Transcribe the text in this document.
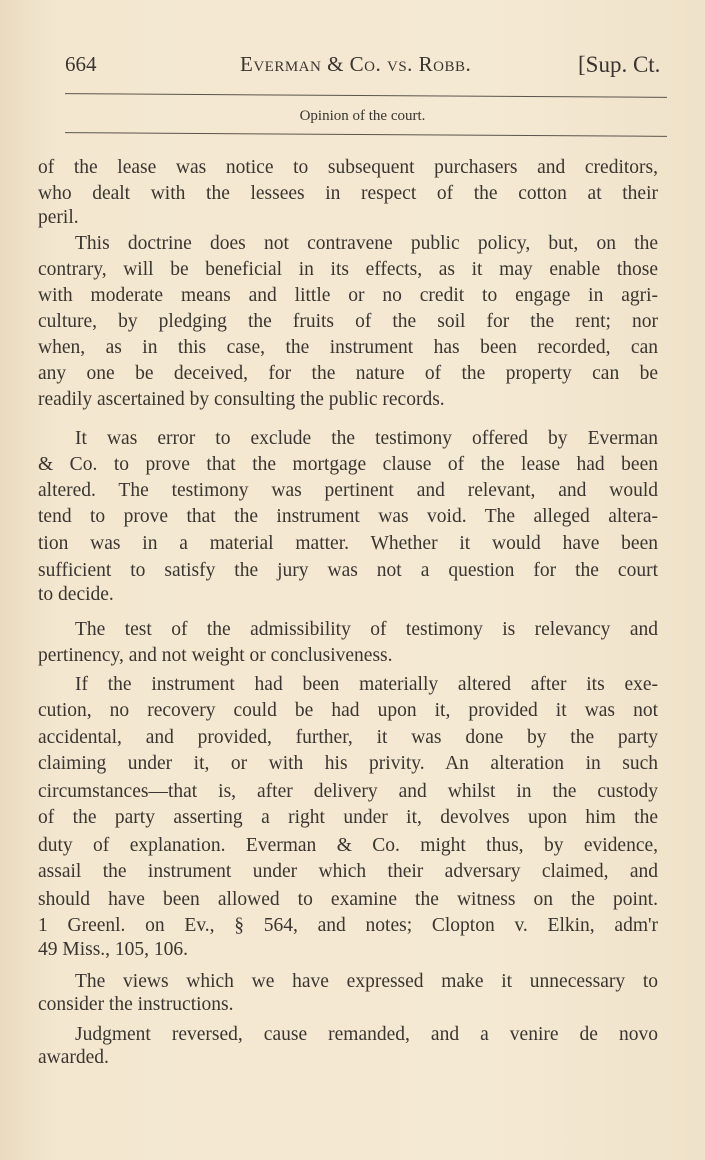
664	Everman & Co. vs. Robb.	[Sup. Ct.
Opinion of the court.
of the lease was notice to subsequent purchasers and creditors,
who dealt with the lessees in respect of the cotton at their
peril.
This doctrine does not contravene public policy, but, on the
contrary, will be beneficial in its effects, as it may enable those
with moderate means and little or no credit to engage in agri-
culture, by pledging the fruits of the soil for the rent; nor
when, as in this case, the instrument has been recorded, can
any one be deceived, for the nature of the property can be
readily ascertained by consulting the public records.
It was error to exclude the testimony offered by Everman
& Co. to prove that the mortgage clause of the lease had been
altered. The testimony was pertinent and relevant, and would
tend to prove that the instrument was void. The alleged altera-
tion was in a material matter. Whether it would have been
sufficient to satisfy the jury was not a question for the court
to decide.
The test of the admissibility of testimony is relevancy and
pertinency, and not weight or conclusiveness.
If the instrument had been materially altered after its exe-
cution, no recovery could be had upon it, provided it was not
accidental, and provided, further, it was done by the party
claiming under it, or with his privity. An alteration in such
circumstances—that is, after delivery and whilst in the custody
of the party asserting a right under it, devolves upon him the
duty of explanation. Everman & Co. might thus, by evidence,
assail the instrument under which their adversary claimed, and
should have been allowed to examine the witness on the point.
1 Greenl. on Ev., § 564, and notes; Clopton v. Elkin, adm'r
49 Miss., 105, 106.
The views which we have expressed make it unnecessary to
consider the instructions.
Judgment reversed, cause remanded, and a venire de novo
awarded.
